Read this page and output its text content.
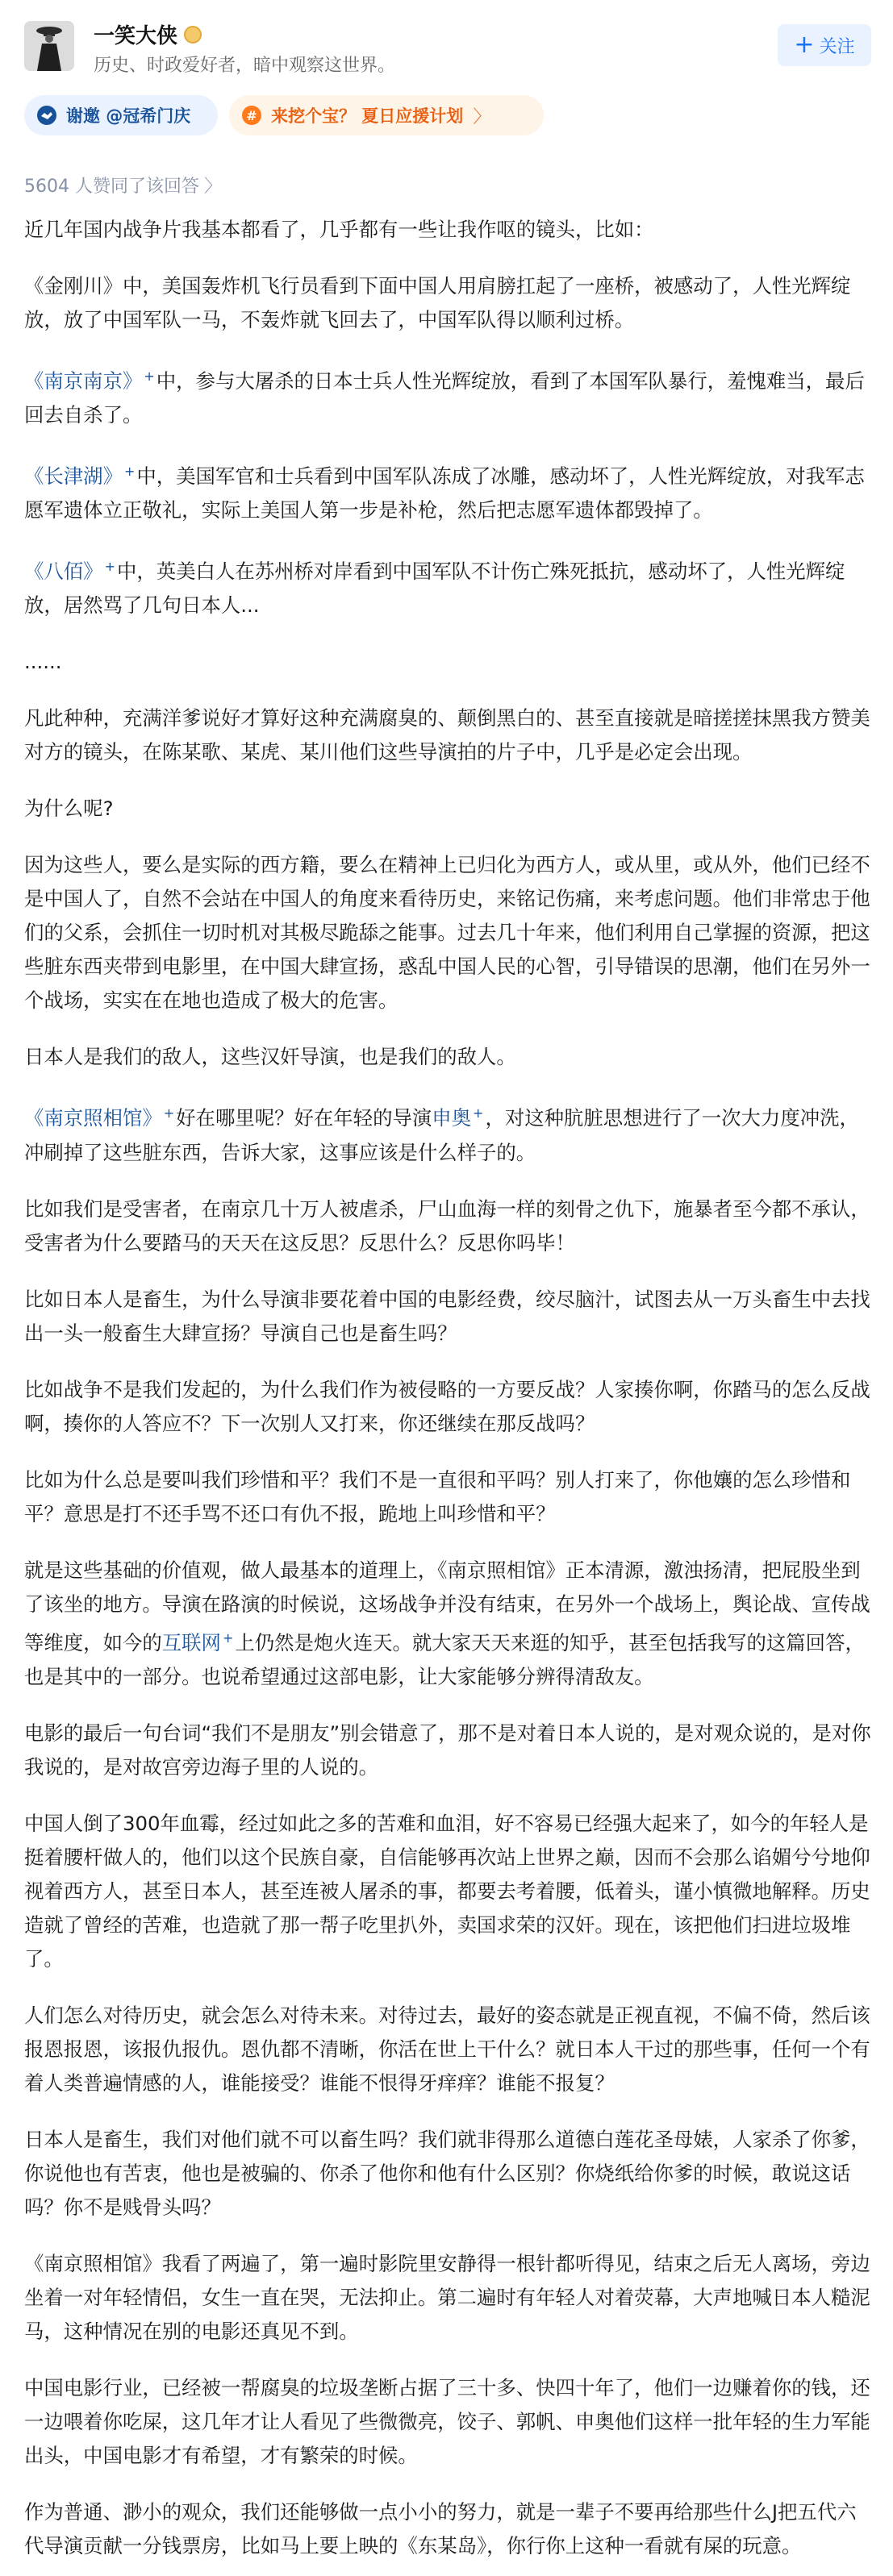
一笑大侠
历史、时政爱好者，暗中观察这世界。
+ 关注
谢邀 @冠希门庆	# 来挖个宝？ 夏日应援计划 〉
5604 人赞同了该回答 〉

近几年国内战争片我基本都看了，几乎都有一些让我作呕的镜头，比如：

《金刚川》中，美国轰炸机飞行员看到下面中国人用肩膀扛起了一座桥，被感动了，人性光辉绽放，放了中国军队一马，不轰炸就飞回去了，中国军队得以顺利过桥。

《南京南京》 +中，参与大屠杀的日本士兵人性光辉绽放，看到了本国军队暴行，羞愧难当，最后回去自杀了。

《长津湖》 +中，美国军官和士兵看到中国军队冻成了冰雕，感动坏了，人性光辉绽放，对我军志愿军遗体立正敬礼，实际上美国人第一步是补枪，然后把志愿军遗体都毁掉了。

《八佰》 +中，英美白人在苏州桥对岸看到中国军队不计伤亡殊死抵抗，感动坏了，人性光辉绽放，居然骂了几句日本人...

......

凡此种种，充满洋爹说好才算好这种充满腐臭的、颠倒黑白的、甚至直接就是暗搓搓抹黑我方赞美对方的镜头，在陈某歌、某虎、某川他们这些导演拍的片子中，几乎是必定会出现。

为什么呢?

因为这些人，要么是实际的西方籍，要么在精神上已归化为西方人，或从里，或从外，他们已经不是中国人了，自然不会站在中国人的角度来看待历史，来铭记伤痛，来考虑问题。他们非常忠于他们的父系，会抓住一切时机对其极尽跪舔之能事。过去几十年来，他们利用自己掌握的资源，把这些脏东西夹带到电影里，在中国大肆宣扬，惑乱中国人民的心智，引导错误的思潮，他们在另外一个战场，实实在在地也造成了极大的危害。

日本人是我们的敌人，这些汉奸导演，也是我们的敌人。

《南京照相馆》 +好在哪里呢？好在年轻的导演申奥 +，对这种肮脏思想进行了一次大力度冲洗，冲刷掉了这些脏东西，告诉大家，这事应该是什么样子的。

比如我们是受害者，在南京几十万人被虐杀，尸山血海一样的刻骨之仇下，施暴者至今都不承认，受害者为什么要踏马的天天在这反思？反思什么？反思你吗毕！

比如日本人是畜生，为什么导演非要花着中国的电影经费，绞尽脑汁，试图去从一万头畜生中去找出一头一般畜生大肆宣扬？导演自己也是畜生吗？

比如战争不是我们发起的，为什么我们作为被侵略的一方要反战？人家揍你啊，你踏马的怎么反战啊，揍你的人答应不？下一次别人又打来，你还继续在那反战吗？

比如为什么总是要叫我们珍惜和平？我们不是一直很和平吗？别人打来了，你他孃的怎么珍惜和平？意思是打不还手骂不还口有仇不报，跪地上叫珍惜和平？

就是这些基础的价值观，做人最基本的道理上，《南京照相馆》正本清源，激浊扬清，把屁股坐到了该坐的地方。导演在路演的时候说，这场战争并没有结束，在另外一个战场上，舆论战、宣传战等维度，如今的互联网 +上仍然是炮火连天。就大家天天来逛的知乎，甚至包括我写的这篇回答，也是其中的一部分。也说希望通过这部电影，让大家能够分辨得清敌友。

电影的最后一句台词“我们不是朋友”别会错意了，那不是对着日本人说的，是对观众说的，是对你我说的，是对故宫旁边海子里的人说的。

中国人倒了300年血霉，经过如此之多的苦难和血泪，好不容易已经强大起来了，如今的年轻人是挺着腰杆做人的，他们以这个民族自豪，自信能够再次站上世界之巅，因而不会那么谄媚兮兮地仰视着西方人，甚至日本人，甚至连被人屠杀的事，都要去考着腰，低着头，谨小慎微地解释。历史造就了曾经的苦难，也造就了那一帮子吃里扒外，卖国求荣的汉奸。现在，该把他们扫进垃圾堆了。

人们怎么对待历史，就会怎么对待未来。对待过去，最好的姿态就是正视直视，不偏不倚，然后该报恩报恩，该报仇报仇。恩仇都不清晰，你活在世上干什么？就日本人干过的那些事，任何一个有着人类普遍情感的人，谁能接受？谁能不恨得牙痒痒？谁能不报复？

日本人是畜生，我们对他们就不可以畜生吗？我们就非得那么道德白莲花圣母婊，人家杀了你爹，你说他也有苦衷，他也是被骗的、你杀了他你和他有什么区别？你烧纸给你爹的时候，敢说这话吗？你不是贱骨头吗？

《南京照相馆》我看了两遍了，第一遍时影院里安静得一根针都听得见，结束之后无人离场，旁边坐着一对年轻情侣，女生一直在哭，无法抑止。第二遍时有年轻人对着荧幕，大声地喊日本人糙泥马，这种情况在别的电影还真见不到。

中国电影行业，已经被一帮腐臭的垃圾垄断占据了三十多、快四十年了，他们一边赚着你的钱，还一边喂着你吃屎，这几年才让人看见了些微微亮，饺子、郭帆、申奥他们这样一批年轻的生力军能出头，中国电影才有希望，才有繁荣的时候。

作为普通、渺小的观众，我们还能够做一点小小的努力，就是一辈子不要再给那些什么J把五代六代导演贡献一分钱票房，比如马上要上映的《东某岛》，你行你上这种一看就有屎的玩意。
